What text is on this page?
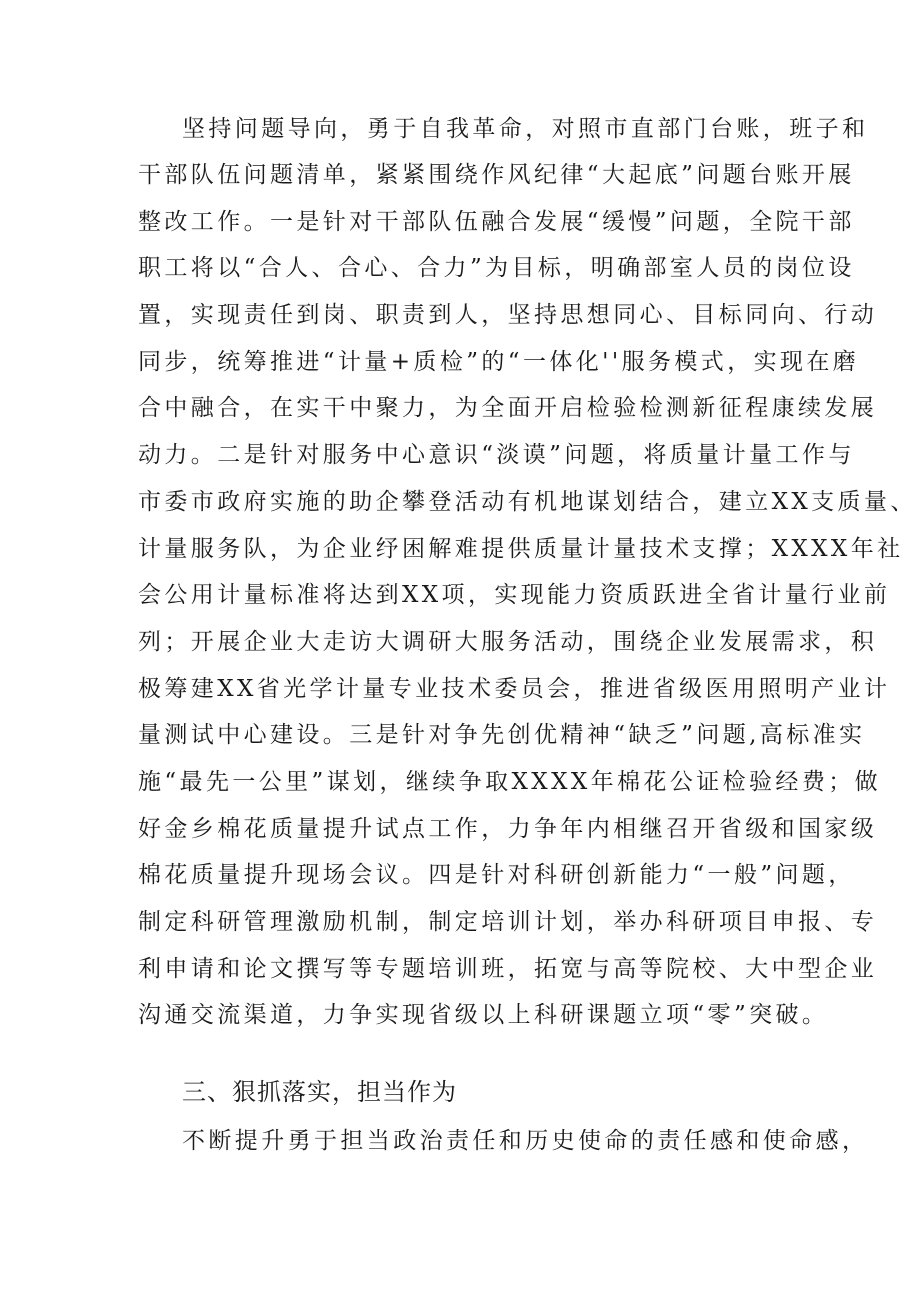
坚持问题导向，勇于自我革命，对照市直部门台账，班子和
干部队伍问题清单，紧紧围绕作风纪律“大起底”问题台账开展
整改工作。一是针对干部队伍融合发展“缓慢”问题，全院干部
职工将以“合人、合心、合力”为目标，明确部室人员的岗位设
置，实现责任到岗、职责到人，坚持思想同心、目标同向、行动
同步，统筹推进“计量+质检”的“一体化''服务模式，实现在磨
合中融合，在实干中聚力，为全面开启检验检测新征程康续发展
动力。二是针对服务中心意识“淡谟”问题，将质量计量工作与
市委市政府实施的助企攀登活动有机地谋划结合，建立XX支质量、
计量服务队，为企业纾困解难提供质量计量技术支撑；XXXX年社
会公用计量标准将达到XX项，实现能力资质跃进全省计量行业前
列；开展企业大走访大调研大服务活动，围绕企业发展需求，积
极筹建XX省光学计量专业技术委员会，推进省级医用照明产业计
量测试中心建设。三是针对争先创优精神“缺乏”问题,高标准实
施“最先一公里”谋划，继续争取XXXX年棉花公证检验经费；做
好金乡棉花质量提升试点工作，力争年内相继召开省级和国家级
棉花质量提升现场会议。四是针对科研创新能力“一般”问题，
制定科研管理激励机制，制定培训计划，举办科研项目申报、专
利申请和论文撰写等专题培训班，拓宽与高等院校、大中型企业
沟通交流渠道，力争实现省级以上科研课题立项“零”突破。
三、狠抓落实，担当作为
不断提升勇于担当政治责任和历史使命的责任感和使命感，
